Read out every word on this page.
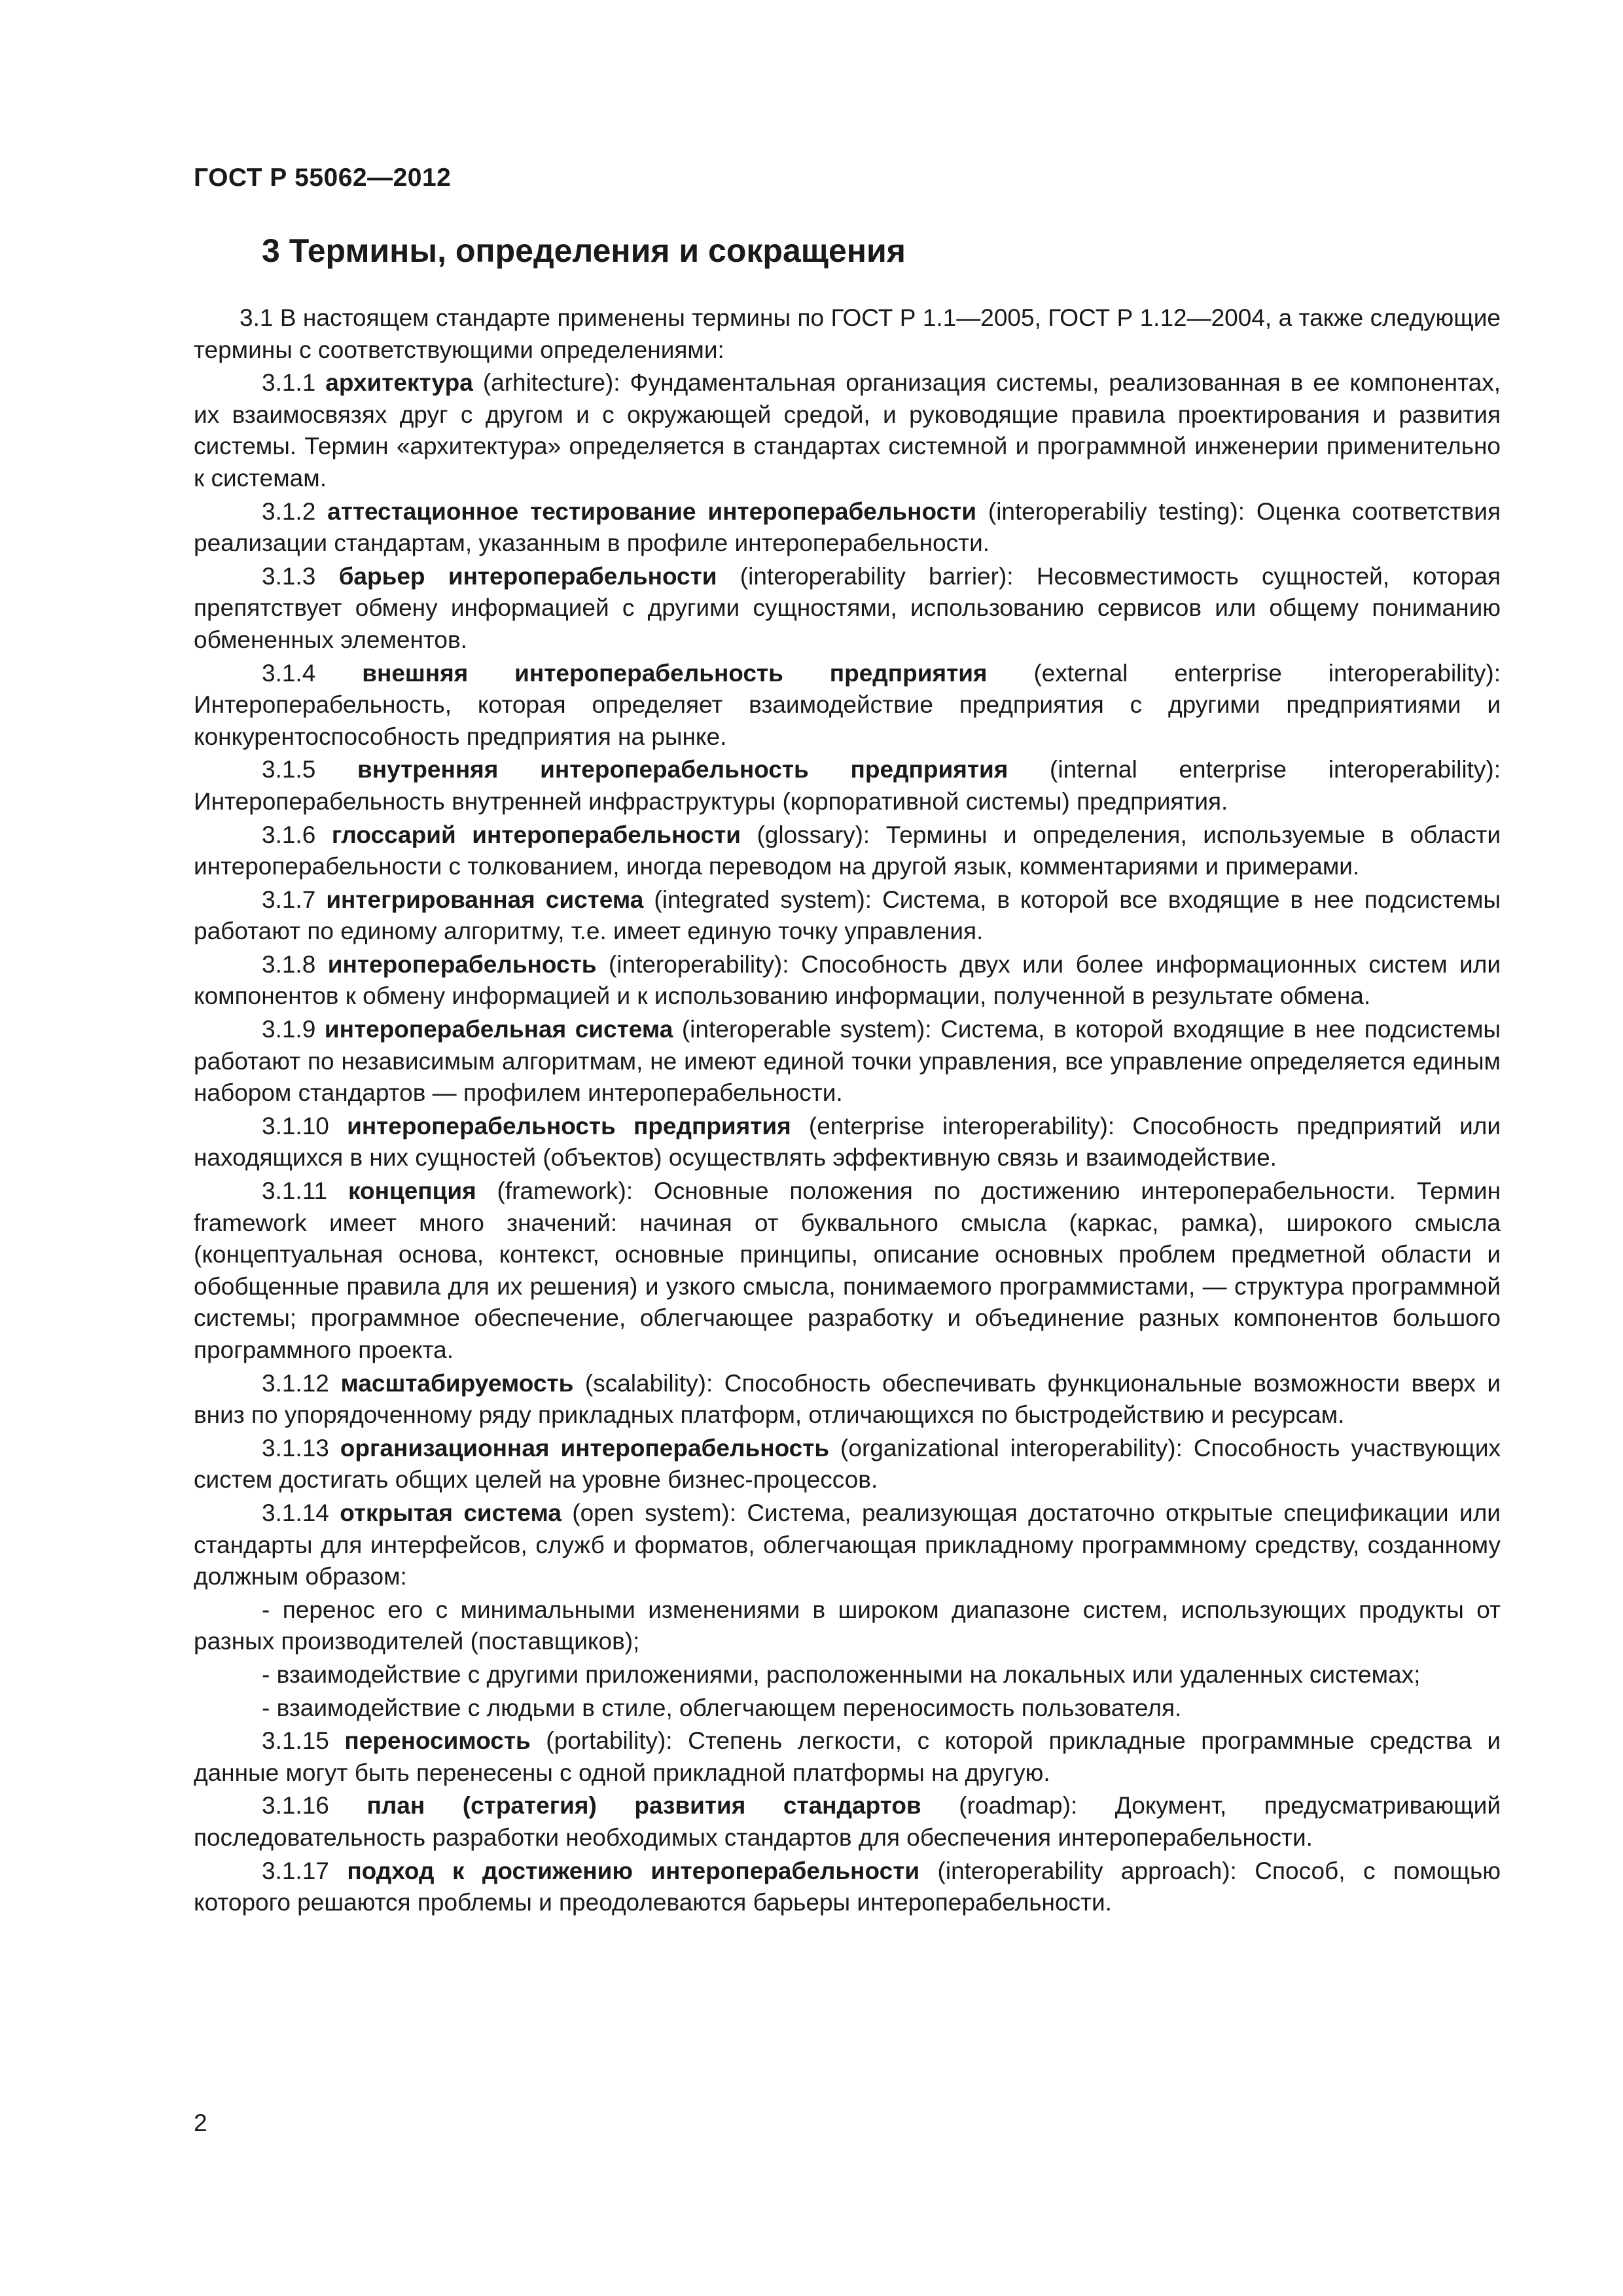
ГОСТ Р 55062—2012
3 Термины, определения и сокращения

3.1 В настоящем стандарте применены термины по ГОСТ Р 1.1—2005, ГОСТ Р 1.12—2004, а также следующие термины с соответствующими определениями:

3.1.1 архитектура (arhitecture): Фундаментальная организация системы, реализованная в ее компонентах, их взаимосвязях друг с другом и с окружающей средой, и руководящие правила проектирования и развития системы. Термин «архитектура» определяется в стандартах системной и программной инженерии применительно к системам.

3.1.2 аттестационное тестирование интероперабельности (interoperabiliy testing): Оценка соответствия реализации стандартам, указанным в профиле интероперабельности.

3.1.3 барьер интероперабельности (interoperability barrier): Несовместимость сущностей, которая препятствует обмену информацией с другими сущностями, использованию сервисов или общему пониманию обмененных элементов.

3.1.4 внешняя интероперабельность предприятия (external enterprise interoperability): Интероперабельность, которая определяет взаимодействие предприятия с другими предприятиями и конкурентоспособность предприятия на рынке.

3.1.5 внутренняя интероперабельность предприятия (internal enterprise interoperability): Интероперабельность внутренней инфраструктуры (корпоративной системы) предприятия.

3.1.6 глоссарий интероперабельности (glossary): Термины и определения, используемые в области интероперабельности с толкованием, иногда переводом на другой язык, комментариями и примерами.

3.1.7 интегрированная система (integrated system): Система, в которой все входящие в нее подсистемы работают по единому алгоритму, т.е. имеет единую точку управления.

3.1.8 интероперабельность (interoperability): Способность двух или более информационных систем или компонентов к обмену информацией и к использованию информации, полученной в результате обмена.

3.1.9 интероперабельная система (interoperable system): Система, в которой входящие в нее подсистемы работают по независимым алгоритмам, не имеют единой точки управления, все управление определяется единым набором стандартов — профилем интероперабельности.

3.1.10 интероперабельность предприятия (enterprise interoperability): Способность предприятий или находящихся в них сущностей (объектов) осуществлять эффективную связь и взаимодействие.

3.1.11 концепция (framework): Основные положения по достижению интероперабельности. Термин framework имеет много значений: начиная от буквального смысла (каркас, рамка), широкого смысла (концептуальная основа, контекст, основные принципы, описание основных проблем предметной области и обобщенные правила для их решения) и узкого смысла, понимаемого программистами, — структура программной системы; программное обеспечение, облегчающее разработку и объединение разных компонентов большого программного проекта.

3.1.12 масштабируемость (scalability): Способность обеспечивать функциональные возможности вверх и вниз по упорядоченному ряду прикладных платформ, отличающихся по быстродействию и ресурсам.

3.1.13 организационная интероперабельность (organizational interoperability): Способность участвующих систем достигать общих целей на уровне бизнес-процессов.

3.1.14 открытая система (open system): Система, реализующая достаточно открытые спецификации или стандарты для интерфейсов, служб и форматов, облегчающая прикладному программному средству, созданному должным образом:

- перенос его с минимальными изменениями в широком диапазоне систем, использующих продукты от разных производителей (поставщиков);

- взаимодействие с другими приложениями, расположенными на локальных или удаленных системах;

- взаимодействие с людьми в стиле, облегчающем переносимость пользователя.

3.1.15 переносимость (portability): Степень легкости, с которой прикладные программные средства и данные могут быть перенесены с одной прикладной платформы на другую.

3.1.16 план (стратегия) развития стандартов (roadmap): Документ, предусматривающий последовательность разработки необходимых стандартов для обеспечения интероперабельности.

3.1.17 подход к достижению интероперабельности (interoperability approach): Способ, с помощью которого решаются проблемы и преодолеваются барьеры интероперабельности.

2
